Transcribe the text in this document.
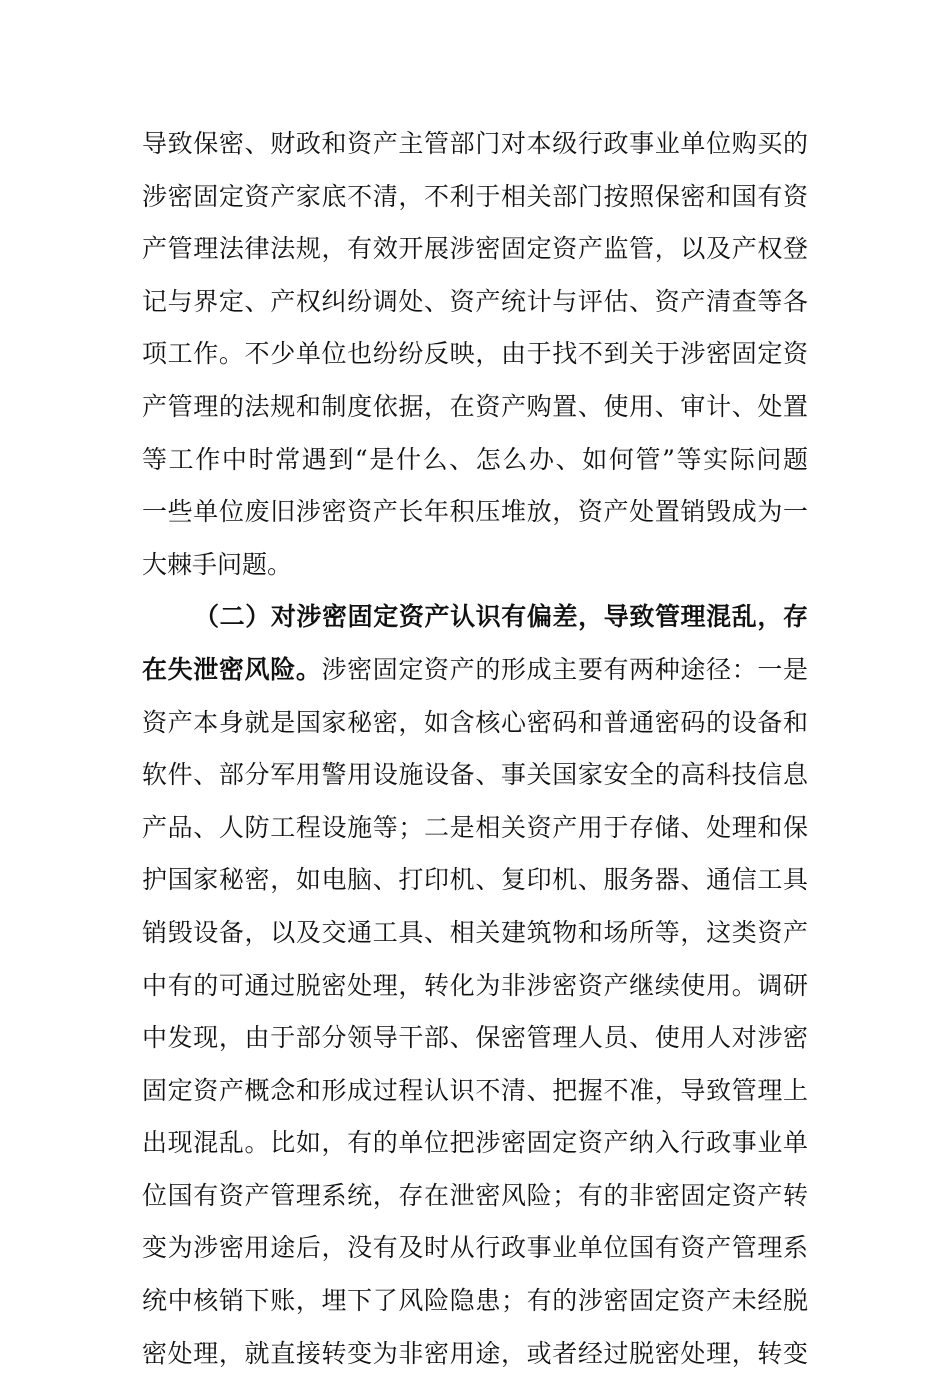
导致保密、财政和资产主管部门对本级行政事业单位购买的
涉密固定资产家底不清，不利于相关部门按照保密和国有资
产管理法律法规，有效开展涉密固定资产监管，以及产权登
记与界定、产权纠纷调处、资产统计与评估、资产清查等各
项工作。不少单位也纷纷反映，由于找不到关于涉密固定资
产管理的法规和制度依据，在资产购置、使用、审计、处置
等工作中时常遇到“是什么、怎么办、如何管”等实际问题
一些单位废旧涉密资产长年积压堆放，资产处置销毁成为一
大棘手问题。
（二）对涉密固定资产认识有偏差，导致管理混乱，存
在失泄密风险。涉密固定资产的形成主要有两种途径：一是
资产本身就是国家秘密，如含核心密码和普通密码的设备和
软件、部分军用警用设施设备、事关国家安全的高科技信息
产品、人防工程设施等；二是相关资产用于存储、处理和保
护国家秘密，如电脑、打印机、复印机、服务器、通信工具
销毁设备，以及交通工具、相关建筑物和场所等，这类资产
中有的可通过脱密处理，转化为非涉密资产继续使用。调研
中发现，由于部分领导干部、保密管理人员、使用人对涉密
固定资产概念和形成过程认识不清、把握不准，导致管理上
出现混乱。比如，有的单位把涉密固定资产纳入行政事业单
位国有资产管理系统，存在泄密风险；有的非密固定资产转
变为涉密用途后，没有及时从行政事业单位国有资产管理系
统中核销下账，埋下了风险隐患；有的涉密固定资产未经脱
密处理，就直接转变为非密用途，或者经过脱密处理，转变
